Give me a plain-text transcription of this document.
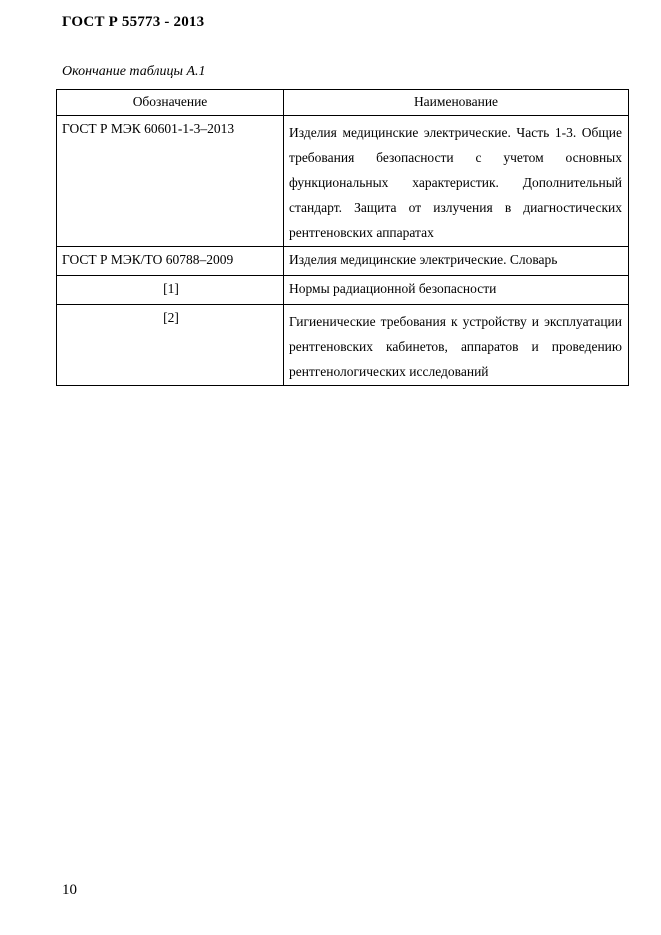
ГОСТ Р 55773 - 2013
Окончание таблицы А.1
Обозначение	Наименование
ГОСТ Р МЭК 60601-1-3–2013	Изделия медицинские электрические. Часть 1-3. Общие требования безопасности с учетом основных функциональных характеристик. Дополнительный стандарт. Защита от излучения в диагностических рентгеновских аппаратах
ГОСТ Р МЭК/ТО 60788–2009	Изделия медицинские электрические. Словарь
[1]	Нормы радиационной безопасности
[2]	Гигиенические требования к устройству и эксплуатации рентгеновских кабинетов, аппаратов и проведению рентгенологических исследований
10
